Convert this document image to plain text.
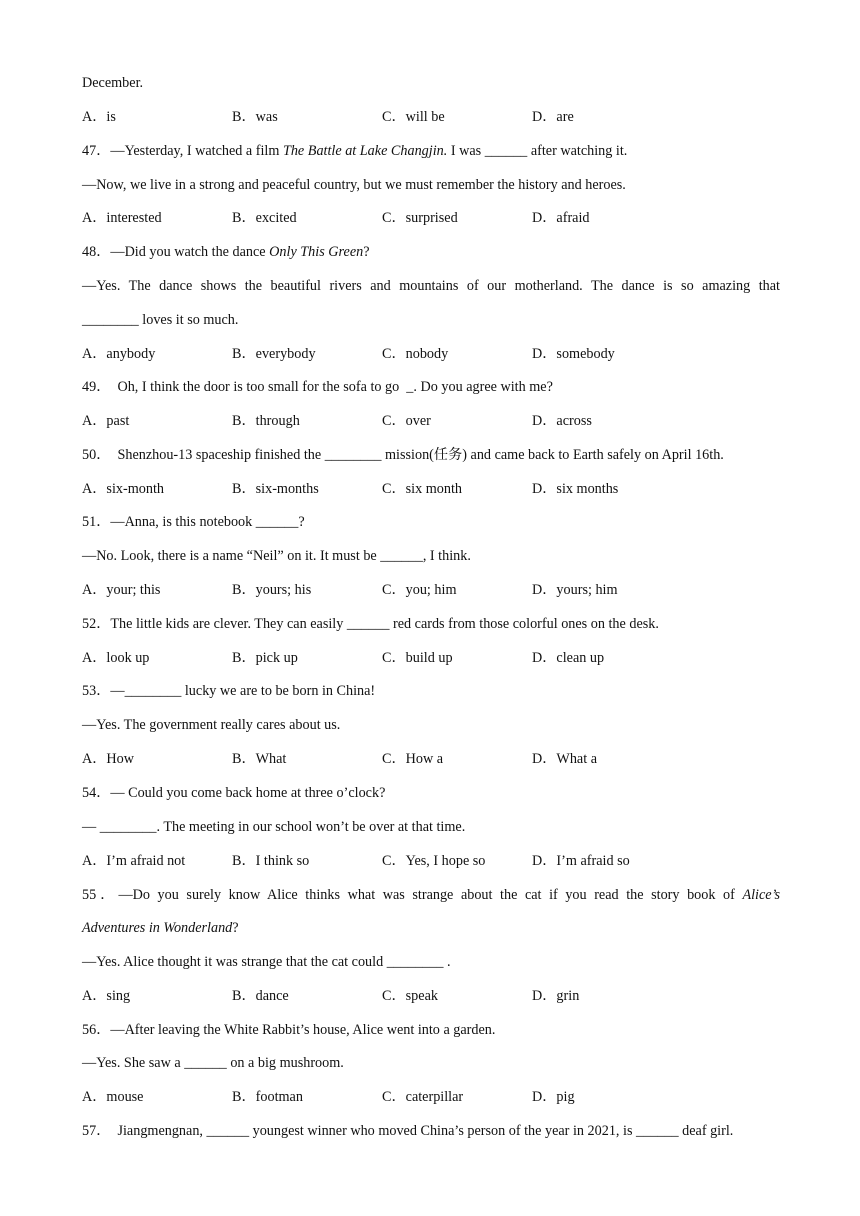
December.
A．is	B．was	C．will be	D．are
47．—Yesterday, I watched a film The Battle at Lake Changjin. I was ______ after watching it.
—Now, we live in a strong and peaceful country, but we must remember the history and heroes.
A．interested	B．excited	C．surprised	D．afraid
48．—Did you watch the dance Only This Green?
—Yes. The dance shows the beautiful rivers and mountains of our motherland. The dance is so amazing that
________ loves it so much.
A．anybody	B．everybody	C．nobody	D．somebody
49．  Oh, I think the door is too small for the sofa to go  _. Do you agree with me?
A．past	B．through	C．over	D．across
50．  Shenzhou-13 spaceship finished the ________ mission(任务) and came back to Earth safely on April 16th.
A．six-month	B．six-months	C．six month	D．six months
51．—Anna, is this notebook ______?
—No. Look, there is a name “Neil” on it. It must be ______, I think.
A．your; this	B．yours; his	C．you; him	D．yours; him
52．The little kids are clever. They can easily ______ red cards from those colorful ones on the desk.
A．look up	B．pick up	C．build up	D．clean up
53．—________ lucky we are to be born in China!
—Yes. The government really cares about us.
A．How	B．What	C．How a	D．What a
54．— Could you come back home at three o’clock?
— ________. The meeting in our school won’t be over at that time.
A．I’m afraid not	B．I think so	C．Yes, I hope so	D．I’m afraid so
55．—Do you surely know Alice thinks what was strange about the cat if you read the story book of Alice’s
Adventures in Wonderland?
—Yes. Alice thought it was strange that the cat could ________ .
A．sing	B．dance	C．speak	D．grin
56．—After leaving the White Rabbit’s house, Alice went into a garden.
—Yes. She saw a ______ on a big mushroom.
A．mouse	B．footman	C．caterpillar	D．pig
57．  Jiangmengnan, ______ youngest winner who moved China’s person of the year in 2021, is ______ deaf girl.
